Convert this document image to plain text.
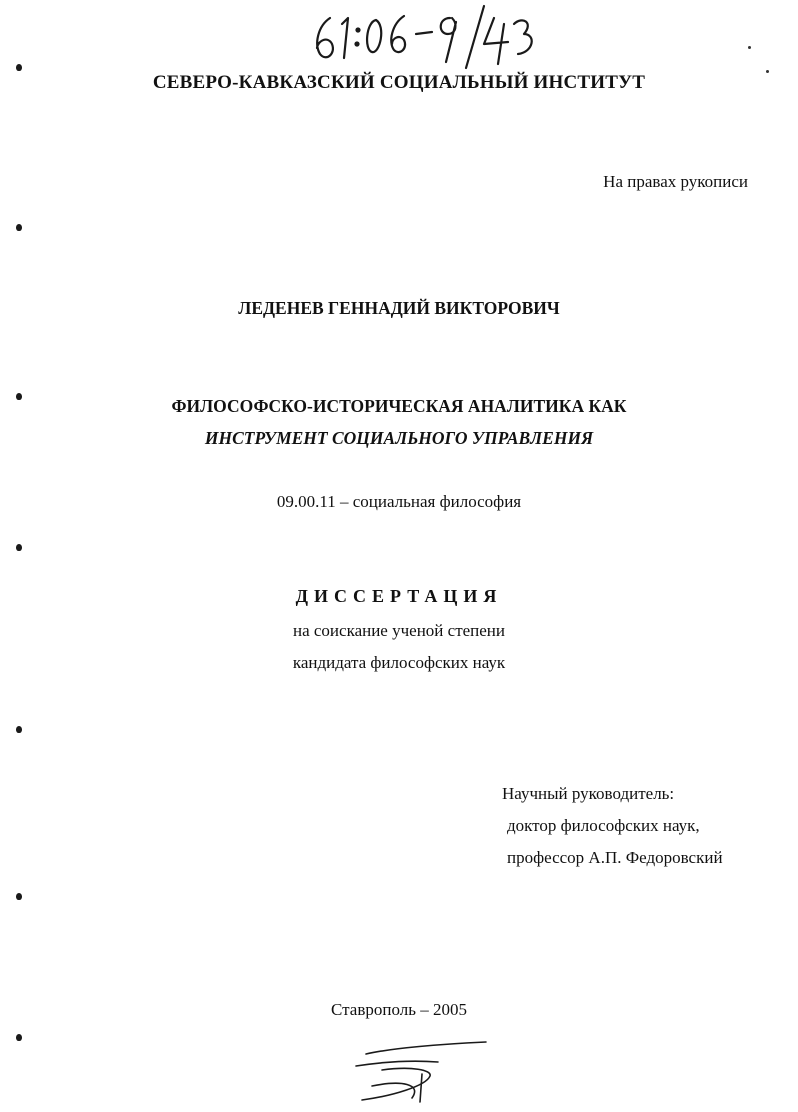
СЕВЕРО-КАВКАЗСКИЙ СОЦИАЛЬНЫЙ ИНСТИТУТ
На правах рукописи
ЛЕДЕНЕВ ГЕННАДИЙ ВИКТОРОВИЧ
ФИЛОСОФСКО-ИСТОРИЧЕСКАЯ АНАЛИТИКА КАК
ИНСТРУМЕНТ СОЦИАЛЬНОГО УПРАВЛЕНИЯ
09.00.11 – социальная философия
ДИССЕРТАЦИЯ
на соискание ученой степени
кандидата философских наук
Научный руководитель:
доктор философских наук,
профессор А.П. Федоровский
Ставрополь – 2005
